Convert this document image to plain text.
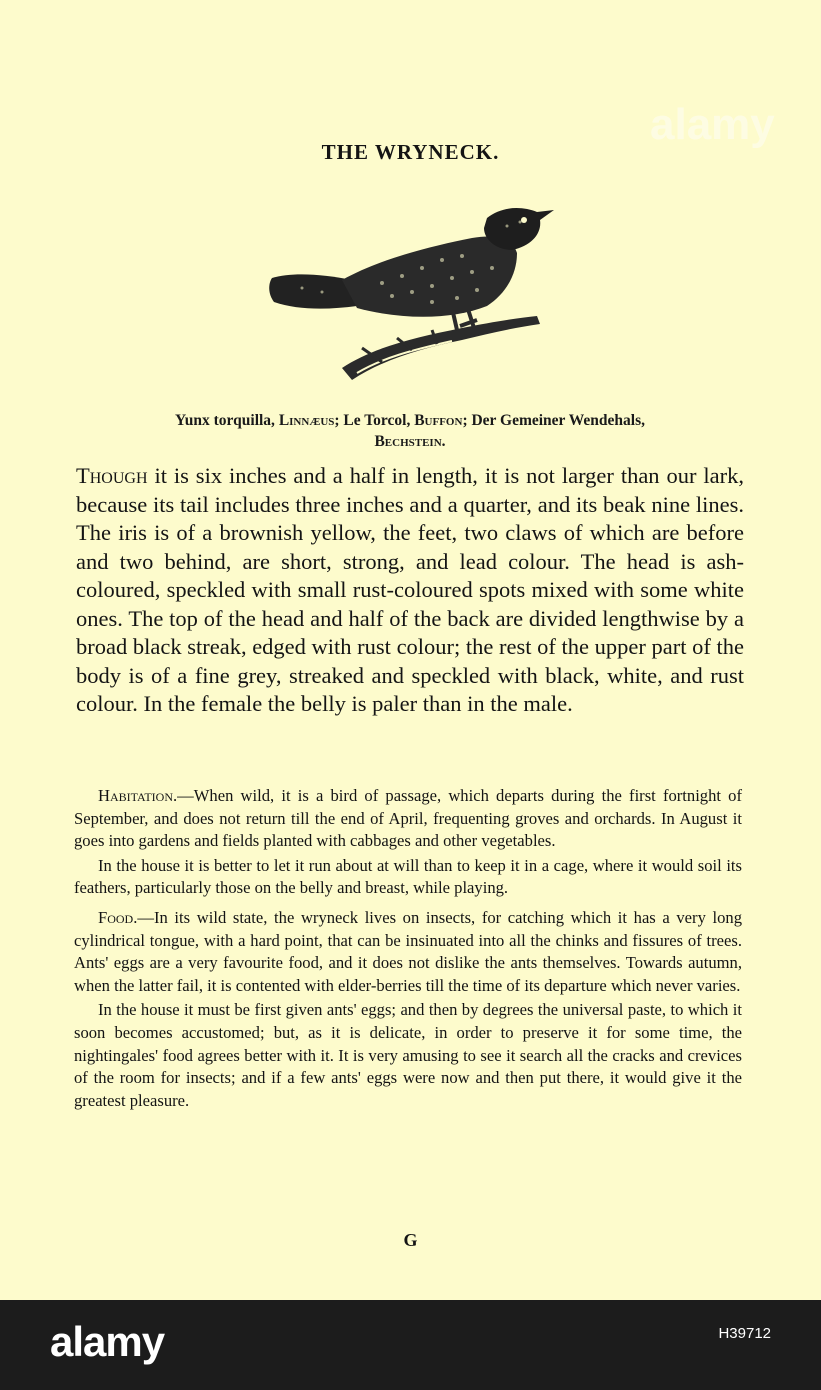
alamy
THE WRYNECK.
Yunx torquilla, Linnæus; Le Torcol, Buffon; Der Gemeiner Wendehals,
Bechstein.

Though it is six inches and a half in length, it is not larger than our lark, because its tail includes three inches and a quarter, and its beak nine lines. The iris is of a brownish yellow, the feet, two claws of which are before and two behind, are short, strong, and lead colour. The head is ash-coloured, speckled with small rust-coloured spots mixed with some white ones. The top of the head and half of the back are divided lengthwise by a broad black streak, edged with rust colour; the rest of the upper part of the body is of a fine grey, streaked and speckled with black, white, and rust colour. In the female the belly is paler than in the male.

Habitation.—When wild, it is a bird of passage, which departs during the first fortnight of September, and does not return till the end of April, frequenting groves and orchards. In August it goes into gardens and fields planted with cabbages and other vegetables.

In the house it is better to let it run about at will than to keep it in a cage, where it would soil its feathers, particularly those on the belly and breast, while playing.

Food.—In its wild state, the wryneck lives on insects, for catching which it has a very long cylindrical tongue, with a hard point, that can be insinuated into all the chinks and fissures of trees. Ants' eggs are a very favourite food, and it does not dislike the ants themselves. Towards autumn, when the latter fail, it is contented with elder-berries till the time of its departure which never varies.

In the house it must be first given ants' eggs; and then by degrees the universal paste, to which it soon becomes accustomed; but, as it is delicate, in order to preserve it for some time, the nightingales' food agrees better with it. It is very amusing to see it search all the cracks and crevices of the room for insects; and if a few ants' eggs were now and then put there, it would give it the greatest pleasure.

G
alamy	H39712
